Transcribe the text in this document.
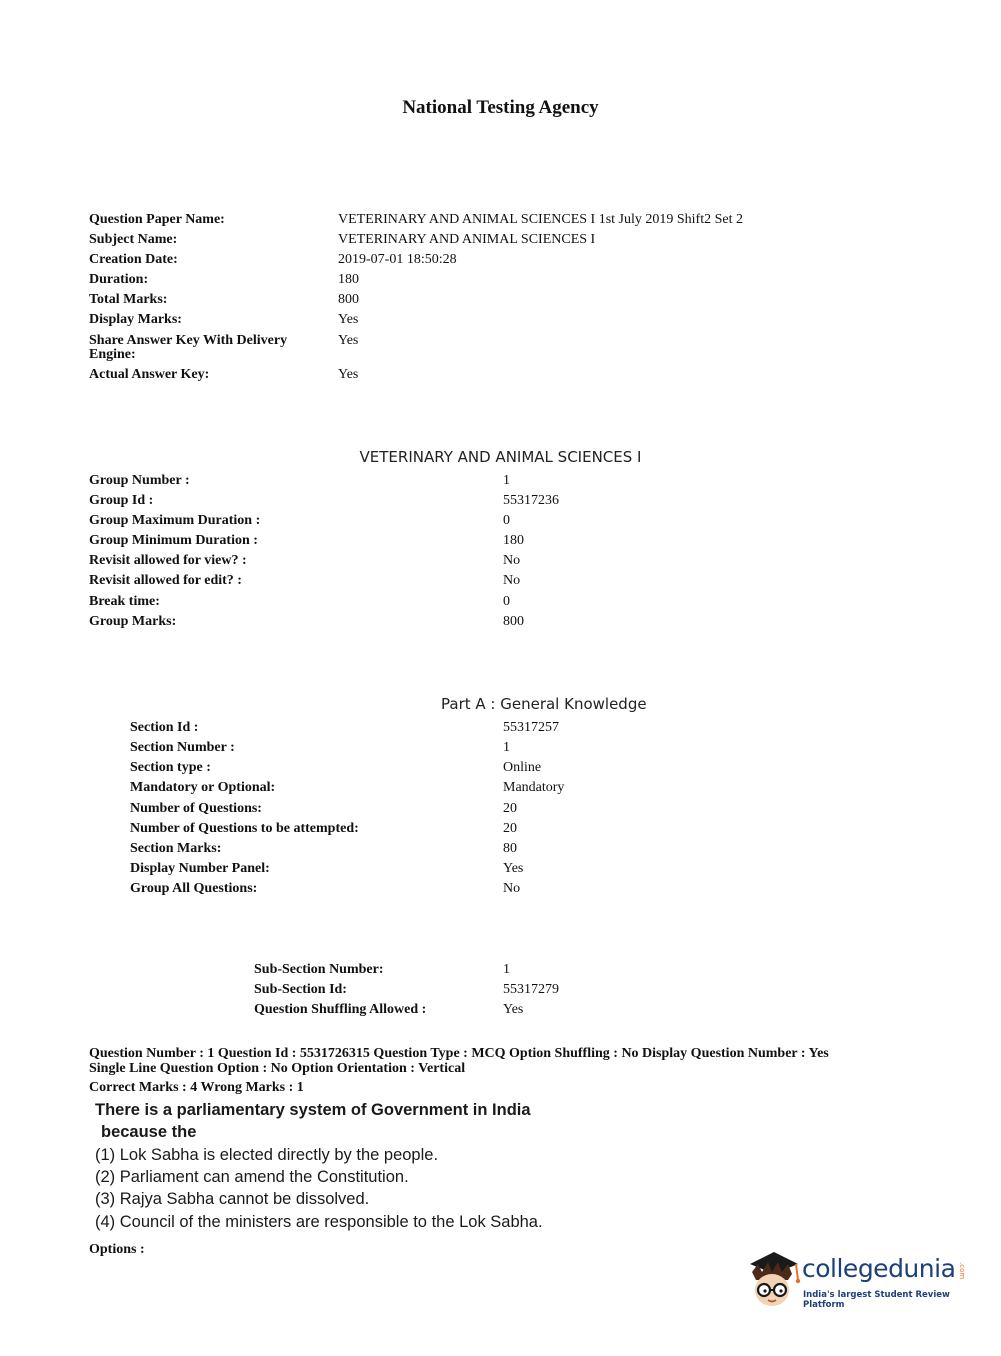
National Testing Agency
Question Paper Name:	VETERINARY AND ANIMAL SCIENCES I 1st July 2019 Shift2 Set 2
Subject Name:	VETERINARY AND ANIMAL SCIENCES I
Creation Date:	2019-07-01 18:50:28
Duration:	180
Total Marks:	800
Display Marks:	Yes
Share Answer Key With Delivery
Engine:
Yes
Actual Answer Key:	Yes
VETERINARY AND ANIMAL SCIENCES I
Group Number :	1
Group Id :	55317236
Group Maximum Duration :	0
Group Minimum Duration :	180
Revisit allowed for view? :	No
Revisit allowed for edit? :	No
Break time:	0
Group Marks:	800
Part A : General Knowledge
Section Id :	55317257
Section Number :	1
Section type :	Online
Mandatory or Optional:	Mandatory
Number of Questions:	20
Number of Questions to be attempted:	20
Section Marks:	80
Display Number Panel:	Yes
Group All Questions:	No
Sub-Section Number:	1
Sub-Section Id:	55317279
Question Shuffling Allowed :	Yes
Question Number : 1 Question Id : 5531726315 Question Type : MCQ Option Shuffling : No Display Question Number : Yes
Single Line Question Option : No Option Orientation : Vertical
Correct Marks : 4 Wrong Marks : 1
There is a parliamentary system of Government in India
because the
(1) Lok Sabha is elected directly by the people.
(2) Parliament can amend the Constitution.
(3) Rajya Sabha cannot be dissolved.
(4) Council of the ministers are responsible to the Lok Sabha.
Options :
collegedunia .com
India's largest Student Review Platform
